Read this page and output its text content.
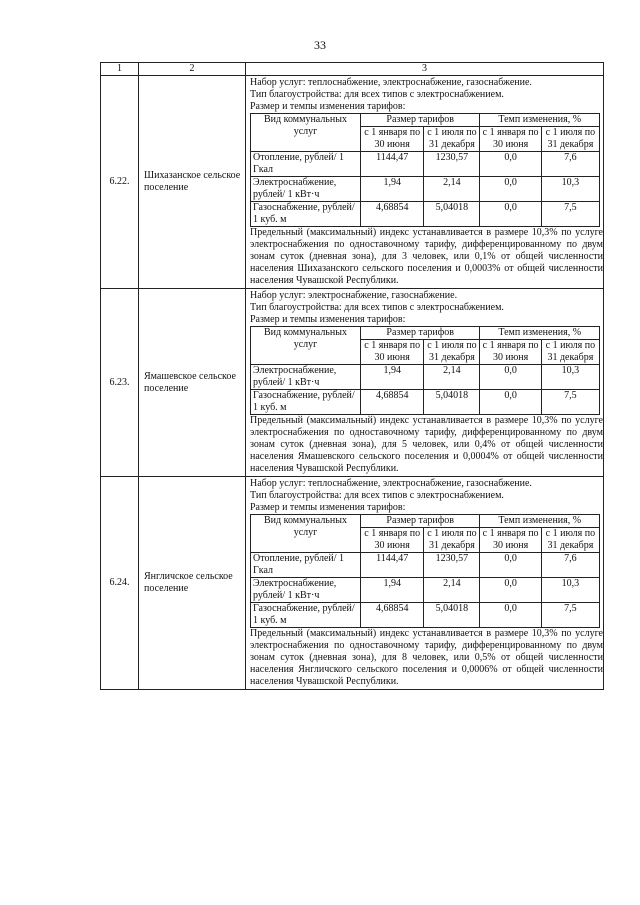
33
1	2	3
6.22.	Шихазанское сельское поселение	
Набор услуг: теплоснабжение, электроснабжение, газоснабжение.
Тип благоустройства: для всех типов с электроснабжением.
Размер и темпы изменения тарифов:
Вид коммунальных услуг	Размер тарифов	Темп изменения, %
с 1 января по 30 июня	с 1 июля по 31 декабря	с 1 января по 30 июня	с 1 июля по 31 декабря
Отопление, рублей/ 1 Гкал	1144,47	1230,57	0,0	7,6
Электроснабжение, рублей/ 1 кВт·ч	1,94	2,14	0,0	10,3
Газоснабжение, рублей/ 1 куб. м	4,68854	5,04018	0,0	7,5
Предельный (максимальный) индекс устанавливается в размере 10,3% по услуге электроснабжения по одноставочному тарифу, дифференцированному по двум зонам суток (дневная зона), для 3 человек, или 0,1% от общей численности населения Шихазанского сельского поселения и 0,0003% от общей численности населения Чувашской Республики.

6.23.	Ямашевское сельское поселение	
Набор услуг: электроснабжение, газоснабжение.
Тип благоустройства: для всех типов с электроснабжением.
Размер и темпы изменения тарифов:
Вид коммунальных услуг	Размер тарифов	Темп изменения, %
с 1 января по 30 июня	с 1 июля по 31 декабря	с 1 января по 30 июня	с 1 июля по 31 декабря
Электроснабжение, рублей/ 1 кВт·ч	1,94	2,14	0,0	10,3
Газоснабжение, рублей/ 1 куб. м	4,68854	5,04018	0,0	7,5
Предельный (максимальный) индекс устанавливается в размере 10,3% по услуге электроснабжения по одноставочному тарифу, дифференцированному по двум зонам суток (дневная зона), для 5 человек, или 0,4% от общей численности населения Ямашевского сельского поселения и 0,0004% от общей численности населения Чувашской Республики.

6.24.	Янгличское сельское поселение	
Набор услуг: теплоснабжение, электроснабжение, газоснабжение.
Тип благоустройства: для всех типов с электроснабжением.
Размер и темпы изменения тарифов:
Вид коммунальных услуг	Размер тарифов	Темп изменения, %
с 1 января по 30 июня	с 1 июля по 31 декабря	с 1 января по 30 июня	с 1 июля по 31 декабря
Отопление, рублей/ 1 Гкал	1144,47	1230,57	0,0	7,6
Электроснабжение, рублей/ 1 кВт·ч	1,94	2,14	0,0	10,3
Газоснабжение, рублей/ 1 куб. м	4,68854	5,04018	0,0	7,5
Предельный (максимальный) индекс устанавливается в размере 10,3% по услуге электроснабжения по одноставочному тарифу, дифференцированному по двум зонам суток (дневная зона), для 8 человек, или 0,5% от общей численности населения Янгличского сельского поселения и 0,0006% от общей численности населения Чувашской Республики.
